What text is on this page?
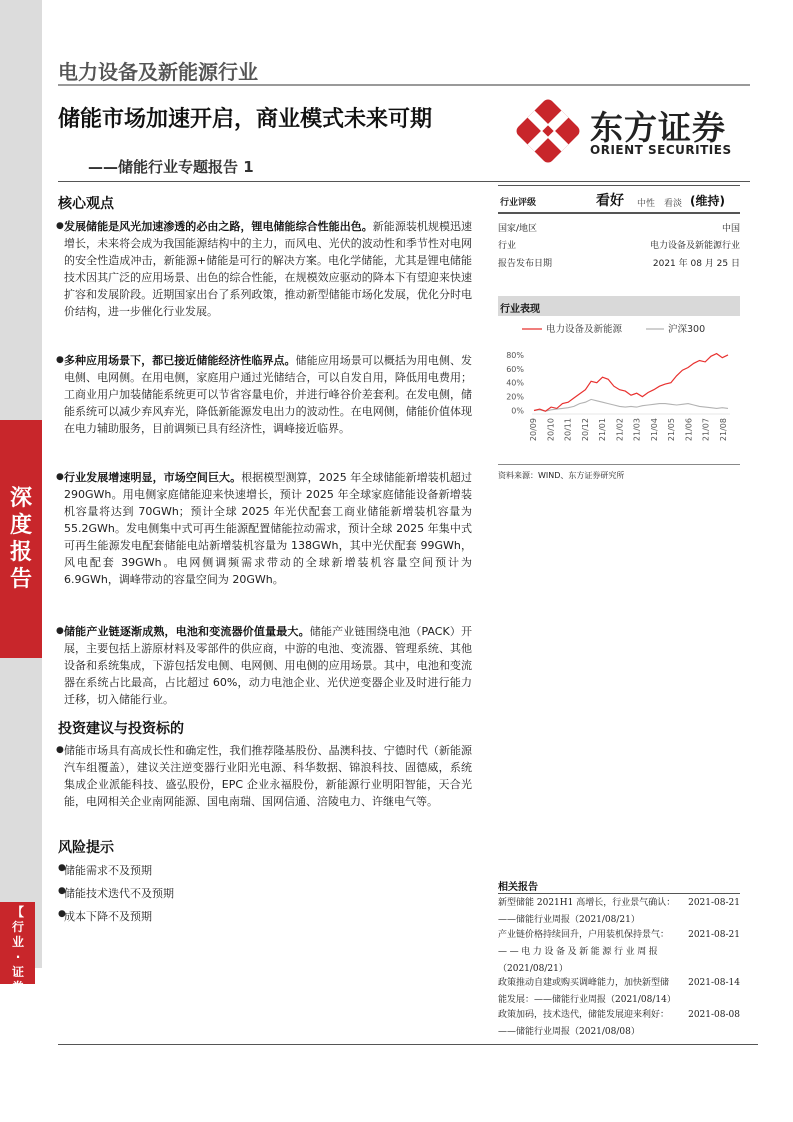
深
度
报
告
【
行
业
·
证
券
电力设备及新能源行业
储能市场加速开启，商业模式未来可期
——储能行业专题报告 1
东方证券
ORIENT SECURITIES
核心观点
● 发展储能是风光加速渗透的必由之路，锂电储能综合性能出色。新能源装机规模迅速增长，未来将会成为我国能源结构中的主力，而风电、光伏的波动性和季节性对电网的安全性造成冲击，新能源+储能是可行的解决方案。电化学储能，尤其是锂电储能技术因其广泛的应用场景、出色的综合性能，在规模效应驱动的降本下有望迎来快速扩容和发展阶段。近期国家出台了系列政策，推动新型储能市场化发展，优化分时电价结构，进一步催化行业发展。
● 多种应用场景下，都已接近储能经济性临界点。储能应用场景可以概括为用电侧、发电侧、电网侧。在用电侧，家庭用户通过光储结合，可以自发自用，降低用电费用；工商业用户加装储能系统更可以节省容量电价，并进行峰谷价差套利。在发电侧，储能系统可以减少弃风弃光，降低新能源发电出力的波动性。在电网侧，储能价值体现在电力辅助服务，目前调频已具有经济性，调峰接近临界。
● 行业发展增速明显，市场空间巨大。根据模型测算，2025 年全球储能新增装机超过 290GWh。用电侧家庭储能迎来快速增长，预计 2025 年全球家庭储能设备新增装机容量将达到 70GWh；预计全球 2025 年光伏配套工商业储能新增装机容量为 55.2GWh。发电侧集中式可再生能源配置储能拉动需求，预计全球 2025 年集中式可再生能源发电配套储能电站新增装机容量为 138GWh，其中光伏配套 99GWh，风电配套 39GWh。电网侧调频需求带动的全球新增装机容量空间预计为 6.9GWh，调峰带动的容量空间为 20GWh。
● 储能产业链逐渐成熟，电池和变流器价值量最大。储能产业链围绕电池（PACK）开展，主要包括上游原材料及零部件的供应商，中游的电池、变流器、管理系统、其他设备和系统集成，下游包括发电侧、电网侧、用电侧的应用场景。其中，电池和变流器在系统占比最高，占比超过 60%，动力电池企业、光伏逆变器企业及时进行能力迁移，切入储能行业。
投资建议与投资标的
● 储能市场具有高成长性和确定性，我们推荐隆基股份、晶澳科技、宁德时代（新能源汽车组覆盖），建议关注逆变器行业阳光电源、科华数据、锦浪科技、固德威，系统集成企业派能科技、盛弘股份，EPC 企业永福股份，新能源行业明阳智能，天合光能，电网相关企业南网能源、国电南瑞、国网信通、涪陵电力、许继电气等。
风险提示
●
储能需求不及预期
●
储能技术迭代不及预期
●
成本下降不及预期
行业评级	看好 中性 看淡 (维持)
国家/地区	中国
行业	电力设备及新能源行业
报告发布日期	2021 年 08 月 25 日
行业表现
电力设备及新能源	沪深300
80%
60%
40%
20%
0%
20/09 20/10 20/11 20/12 21/01 21/02 21/03 21/04 21/05 21/06 21/07 21/08
资料来源：WIND、东方证券研究所
相关报告
新型储能 2021H1 高增长，行业景气确认：
——储能行业周报（2021/08/21）
2021-08-21
产业链价格持续回升，户用装机保持景气：
——电力设备及新能源行业周报
（2021/08/21）
2021-08-21
政策推动自建或购买调峰能力，加快新型储
能发展：——储能行业周报（2021/08/14）
2021-08-14
政策加码，技术迭代，储能发展迎来利好：
——储能行业周报（2021/08/08）
2021-08-08
